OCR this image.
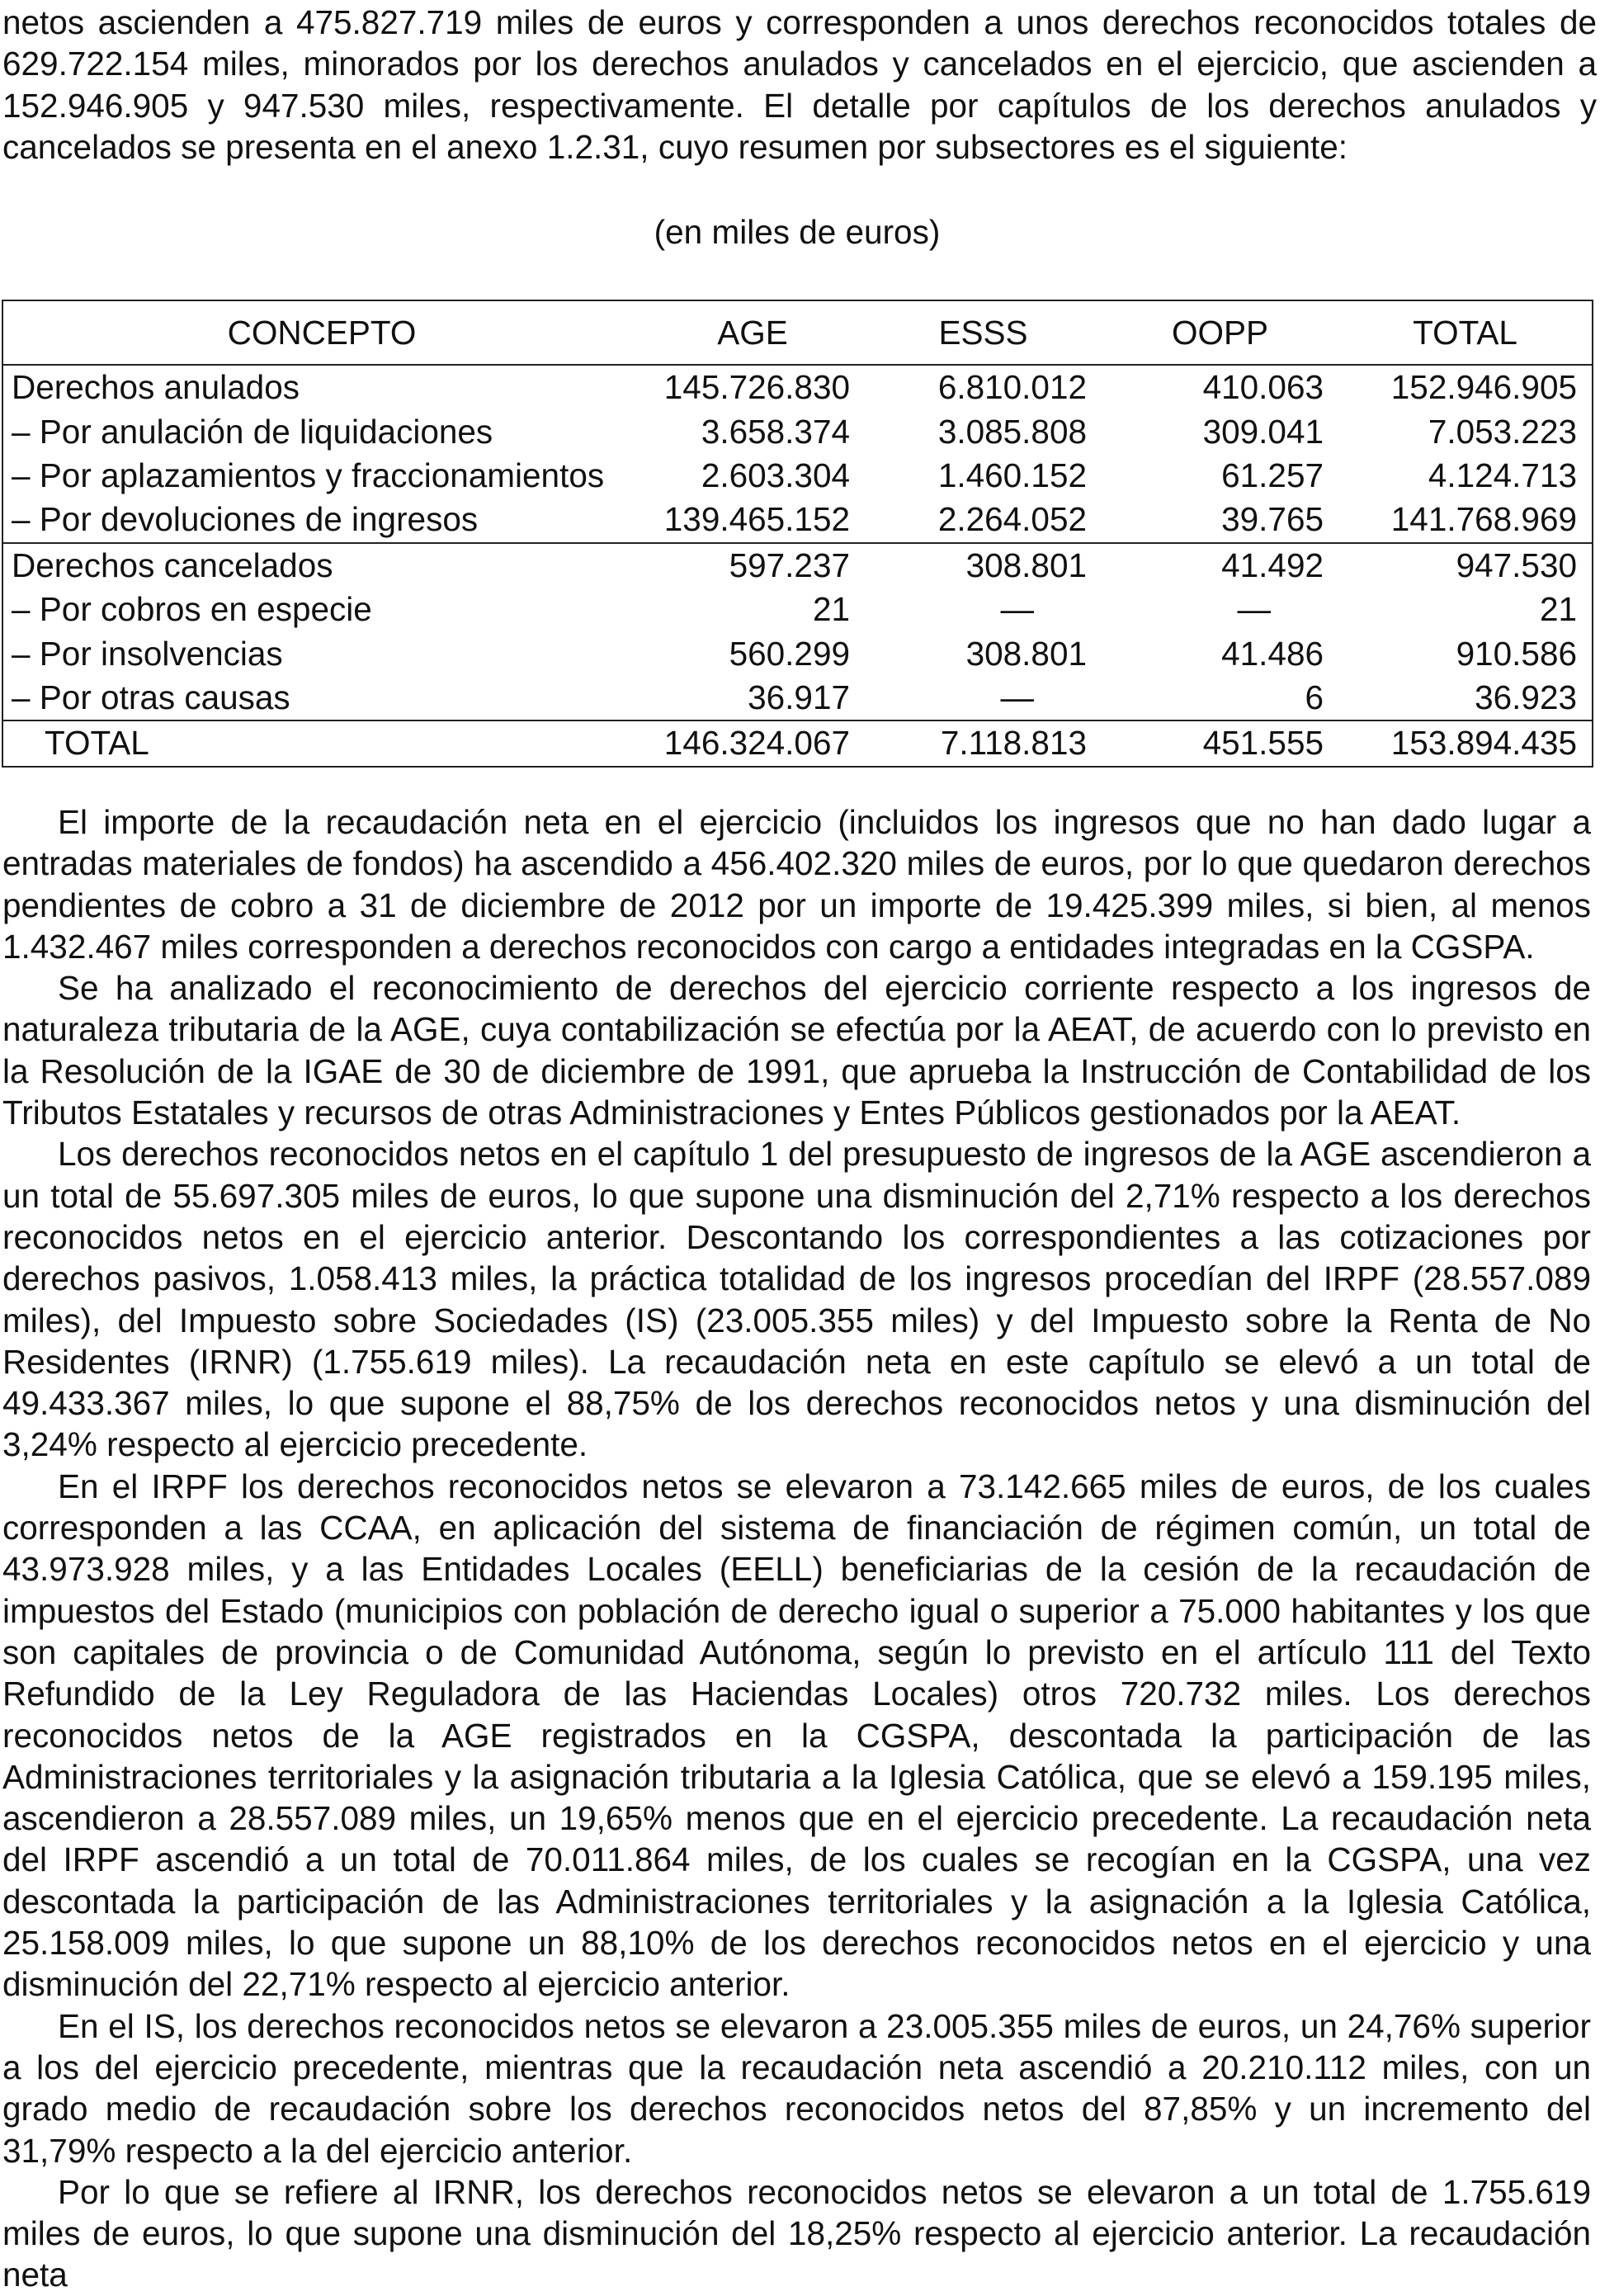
netos ascienden a 475.827.719 miles de euros y corresponden a unos derechos reconocidos totales de 629.722.154 miles, minorados por los derechos anulados y cancelados en el ejercicio, que ascienden a 152.946.905 y 947.530 miles, respectivamente. El detalle por capítulos de los derechos anulados y cancelados se presenta en el anexo 1.2.31, cuyo resumen por subsectores es el siguiente:

(en miles de euros)
CONCEPTO	AGE	ESSS	OOPP	TOTAL
Derechos anulados	145.726.830	6.810.012	410.063	152.946.905
– Por anulación de liquidaciones	3.658.374	3.085.808	309.041	7.053.223
– Por aplazamientos y fraccionamientos	2.603.304	1.460.152	61.257	4.124.713
– Por devoluciones de ingresos	139.465.152	2.264.052	39.765	141.768.969
Derechos cancelados	597.237	308.801	41.492	947.530
– Por cobros en especie	21	—	—	21
– Por insolvencias	560.299	308.801	41.486	910.586
– Por otras causas	36.917	—	6	36.923
TOTAL	146.324.067	7.118.813	451.555	153.894.435

El importe de la recaudación neta en el ejercicio (incluidos los ingresos que no han dado lugar a entradas materiales de fondos) ha ascendido a 456.402.320 miles de euros, por lo que quedaron derechos pendientes de cobro a 31 de diciembre de 2012 por un importe de 19.425.399 miles, si bien, al menos 1.432.467 miles corresponden a derechos reconocidos con cargo a entidades integradas en la CGSPA.

Se ha analizado el reconocimiento de derechos del ejercicio corriente respecto a los ingresos de naturaleza tributaria de la AGE, cuya contabilización se efectúa por la AEAT, de acuerdo con lo previsto en la Resolución de la IGAE de 30 de diciembre de 1991, que aprueba la Instrucción de Contabilidad de los Tributos Estatales y recursos de otras Administraciones y Entes Públicos gestionados por la AEAT.

Los derechos reconocidos netos en el capítulo 1 del presupuesto de ingresos de la AGE ascendieron a un total de 55.697.305 miles de euros, lo que supone una disminución del 2,71% respecto a los derechos reconocidos netos en el ejercicio anterior. Descontando los correspondientes a las cotizaciones por derechos pasivos, 1.058.413 miles, la práctica totalidad de los ingresos procedían del IRPF (28.557.089 miles), del Impuesto sobre Sociedades (IS) (23.005.355 miles) y del Impuesto sobre la Renta de No Residentes (IRNR) (1.755.619 miles). La recaudación neta en este capítulo se elevó a un total de 49.433.367 miles, lo que supone el 88,75% de los derechos reconocidos netos y una disminución del 3,24% respecto al ejercicio precedente.

En el IRPF los derechos reconocidos netos se elevaron a 73.142.665 miles de euros, de los cuales corresponden a las CCAA, en aplicación del sistema de financiación de régimen común, un total de 43.973.928 miles, y a las Entidades Locales (EELL) beneficiarias de la cesión de la recaudación de impuestos del Estado (municipios con población de derecho igual o superior a 75.000 habitantes y los que son capitales de provincia o de Comunidad Autónoma, según lo previsto en el artículo 111 del Texto Refundido de la Ley Reguladora de las Haciendas Locales) otros 720.732 miles. Los derechos reconocidos netos de la AGE registrados en la CGSPA, descontada la participación de las Administraciones territoriales y la asignación tributaria a la Iglesia Católica, que se elevó a 159.195 miles, ascendieron a 28.557.089 miles, un 19,65% menos que en el ejercicio precedente. La recaudación neta del IRPF ascendió a un total de 70.011.864 miles, de los cuales se recogían en la CGSPA, una vez descontada la participación de las Administraciones territoriales y la asignación a la Iglesia Católica, 25.158.009 miles, lo que supone un 88,10% de los derechos reconocidos netos en el ejercicio y una disminución del 22,71% respecto al ejercicio anterior.

En el IS, los derechos reconocidos netos se elevaron a 23.005.355 miles de euros, un 24,76% superior a los del ejercicio precedente, mientras que la recaudación neta ascendió a 20.210.112 miles, con un grado medio de recaudación sobre los derechos reconocidos netos del 87,85% y un incremento del 31,79% respecto a la del ejercicio anterior.

Por lo que se refiere al IRNR, los derechos reconocidos netos se elevaron a un total de 1.755.619 miles de euros, lo que supone una disminución del 18,25% respecto al ejercicio anterior. La recaudación neta
